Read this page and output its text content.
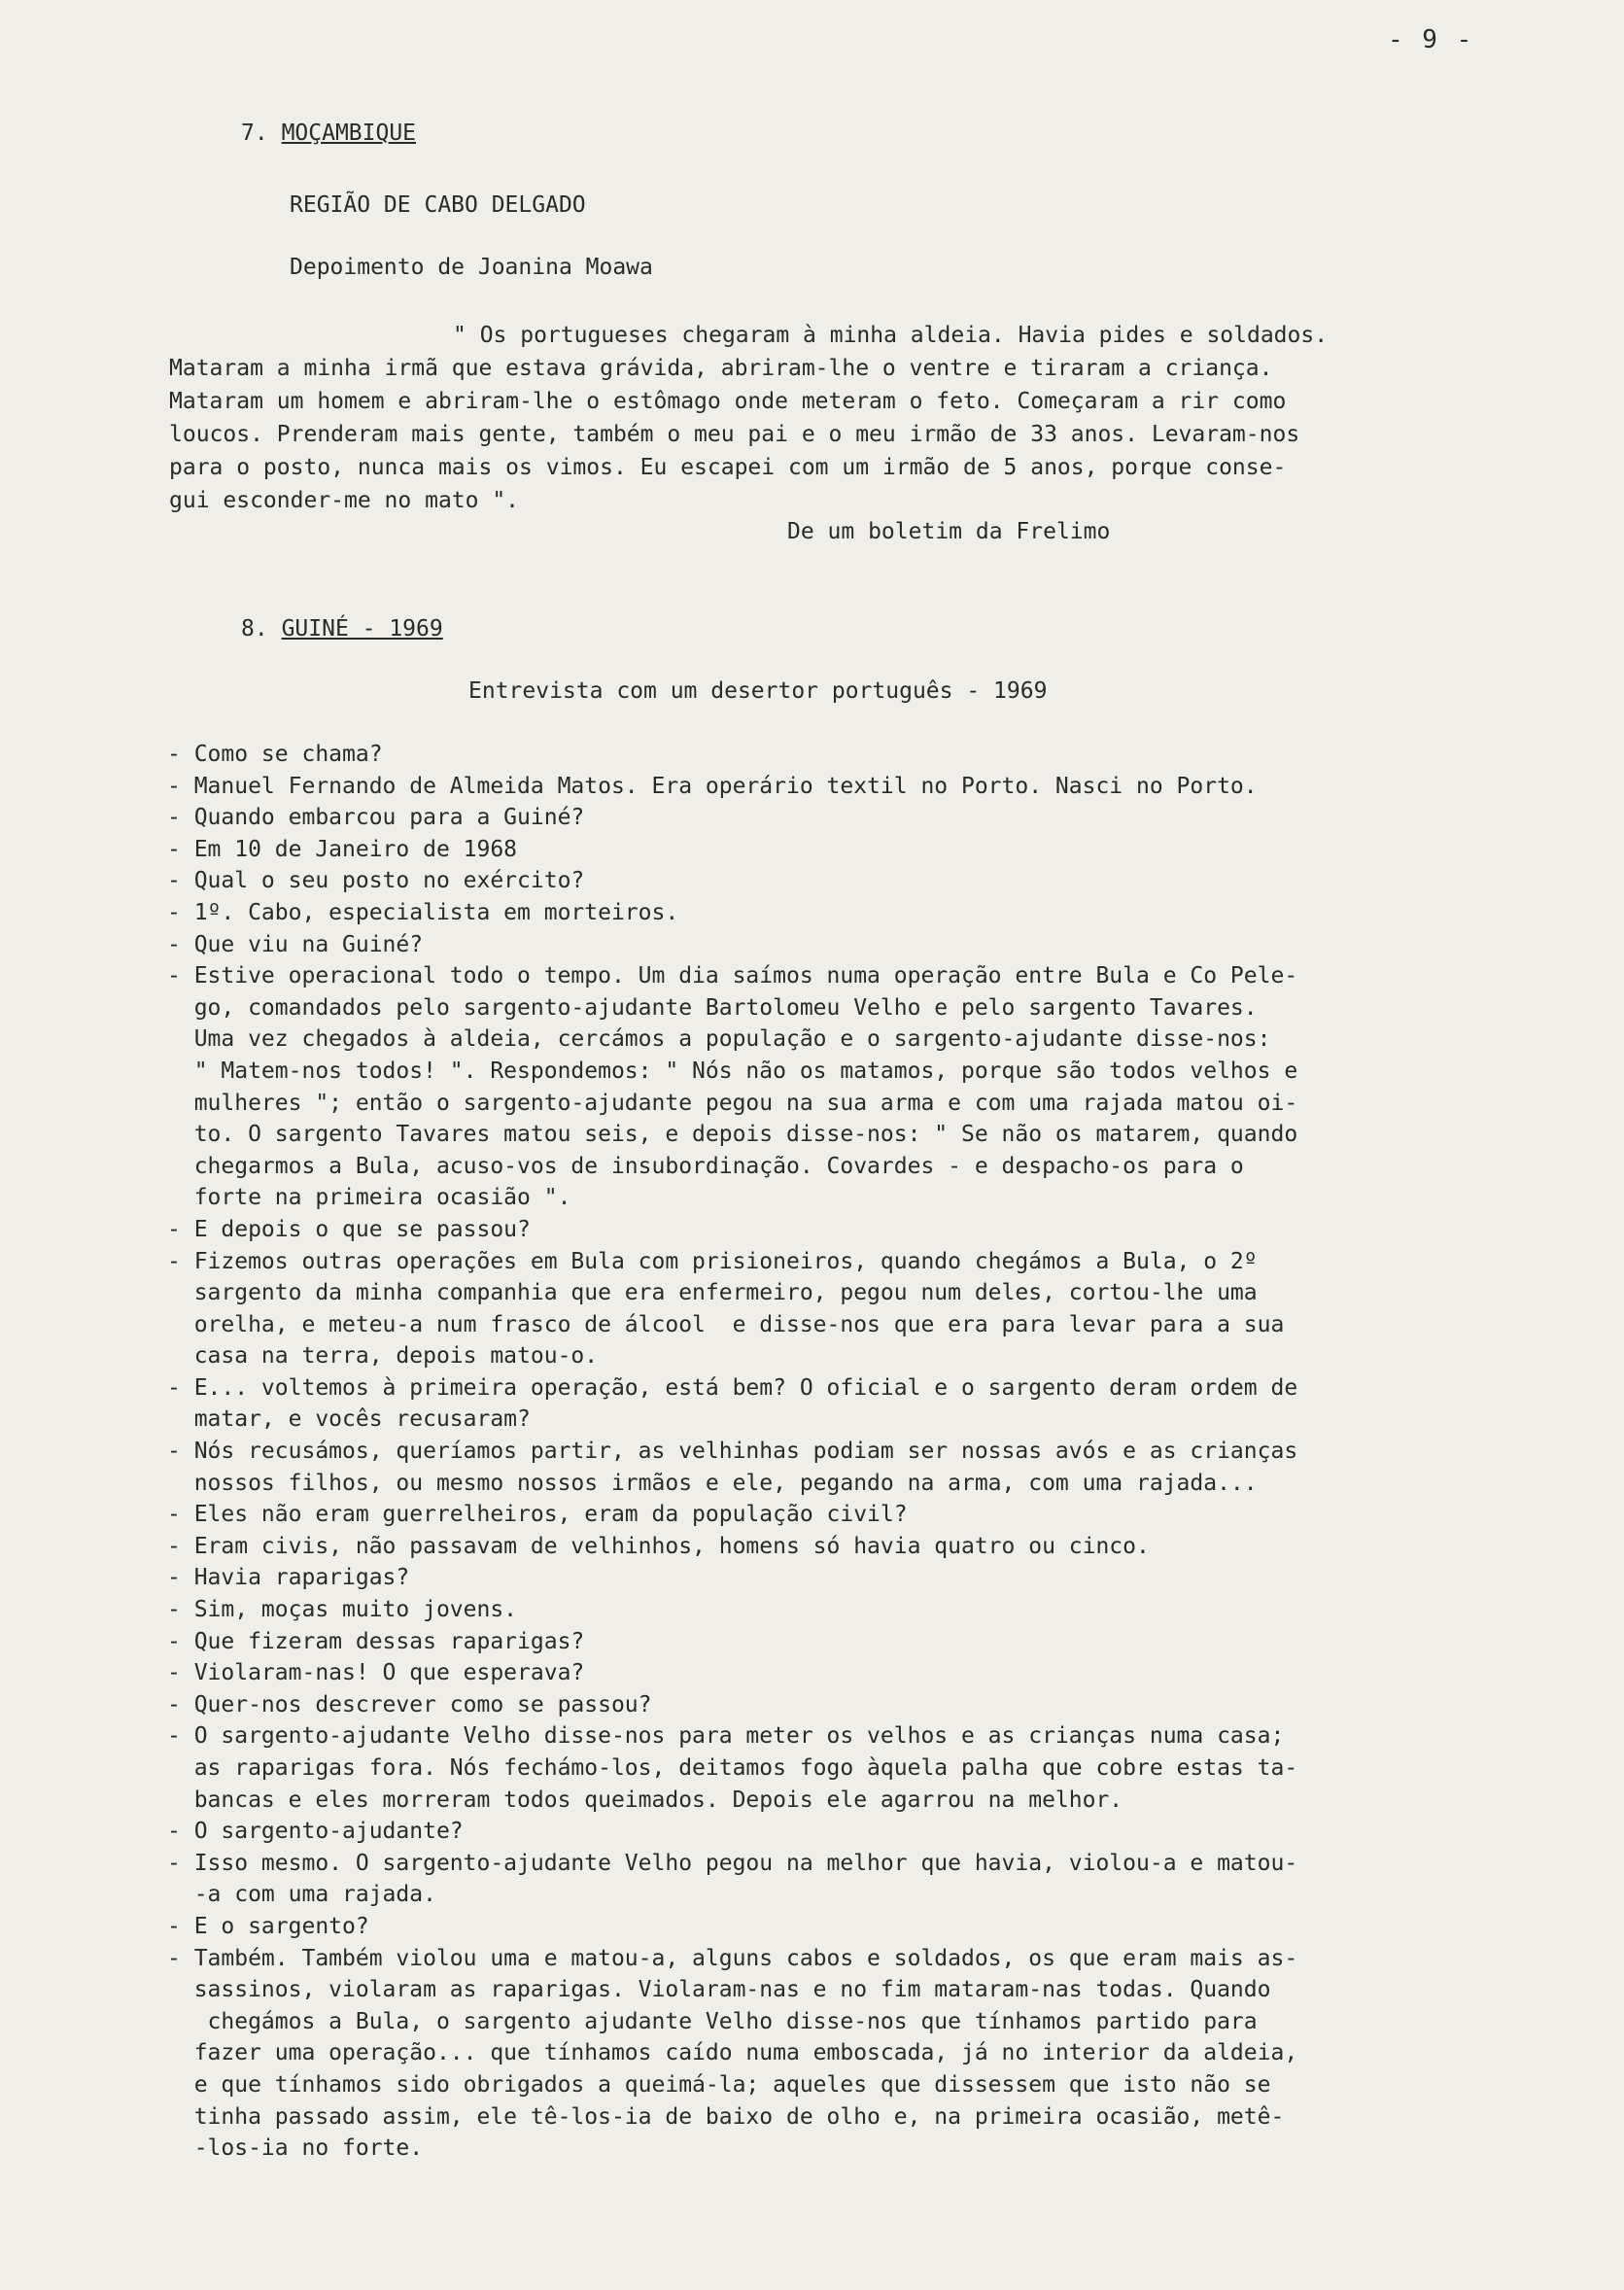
- 9 -
7. MOÇAMBIQUE
REGIÃO DE CABO DELGADO
Depoimento de Joanina Moawa
" Os portugueses chegaram à minha aldeia. Havia pides e soldados.
Mataram a minha irmã que estava grávida, abriram-lhe o ventre e tiraram a criança.
Mataram um homem e abriram-lhe o estômago onde meteram o feto. Começaram a rir como
loucos. Prenderam mais gente, também o meu pai e o meu irmão de 33 anos. Levaram-nos
para o posto, nunca mais os vimos. Eu escapei com um irmão de 5 anos, porque conse-
gui esconder-me no mato ".
De um boletim da Frelimo
8. GUINÉ - 1969
Entrevista com um desertor português - 1969
- Como se chama?
- Manuel Fernando de Almeida Matos. Era operário textil no Porto. Nasci no Porto.
- Quando embarcou para a Guiné?
- Em 10 de Janeiro de 1968
- Qual o seu posto no exército?
- 1º. Cabo, especialista em morteiros.
- Que viu na Guiné?
- Estive operacional todo o tempo. Um dia saímos numa operação entre Bula e Co Pele-
go, comandados pelo sargento-ajudante Bartolomeu Velho e pelo sargento Tavares.
Uma vez chegados à aldeia, cercámos a população e o sargento-ajudante disse-nos:
" Matem-nos todos! ". Respondemos: " Nós não os matamos, porque são todos velhos e
mulheres "; então o sargento-ajudante pegou na sua arma e com uma rajada matou oi-
to. O sargento Tavares matou seis, e depois disse-nos: " Se não os matarem, quando
chegarmos a Bula, acuso-vos de insubordinação. Covardes - e despacho-os para o
forte na primeira ocasião ".
- E depois o que se passou?
- Fizemos outras operações em Bula com prisioneiros, quando chegámos a Bula, o 2º
sargento da minha companhia que era enfermeiro, pegou num deles, cortou-lhe uma
orelha, e meteu-a num frasco de álcool  e disse-nos que era para levar para a sua
casa na terra, depois matou-o.
- E... voltemos à primeira operação, está bem? O oficial e o sargento deram ordem de
matar, e vocês recusaram?
- Nós recusámos, queríamos partir, as velhinhas podiam ser nossas avós e as crianças
nossos filhos, ou mesmo nossos irmãos e ele, pegando na arma, com uma rajada...
- Eles não eram guerrelheiros, eram da população civil?
- Eram civis, não passavam de velhinhos, homens só havia quatro ou cinco.
- Havia raparigas?
- Sim, moças muito jovens.
- Que fizeram dessas raparigas?
- Violaram-nas! O que esperava?
- Quer-nos descrever como se passou?
- O sargento-ajudante Velho disse-nos para meter os velhos e as crianças numa casa;
as raparigas fora. Nós fechámo-los, deitamos fogo àquela palha que cobre estas ta-
bancas e eles morreram todos queimados. Depois ele agarrou na melhor.
- O sargento-ajudante?
- Isso mesmo. O sargento-ajudante Velho pegou na melhor que havia, violou-a e matou-
-a com uma rajada.
- E o sargento?
- Também. Também violou uma e matou-a, alguns cabos e soldados, os que eram mais as-
sassinos, violaram as raparigas. Violaram-nas e no fim mataram-nas todas. Quando
chegámos a Bula, o sargento ajudante Velho disse-nos que tínhamos partido para
fazer uma operação... que tínhamos caído numa emboscada, já no interior da aldeia,
e que tínhamos sido obrigados a queimá-la; aqueles que dissessem que isto não se
tinha passado assim, ele tê-los-ia de baixo de olho e, na primeira ocasião, metê-
-los-ia no forte.
